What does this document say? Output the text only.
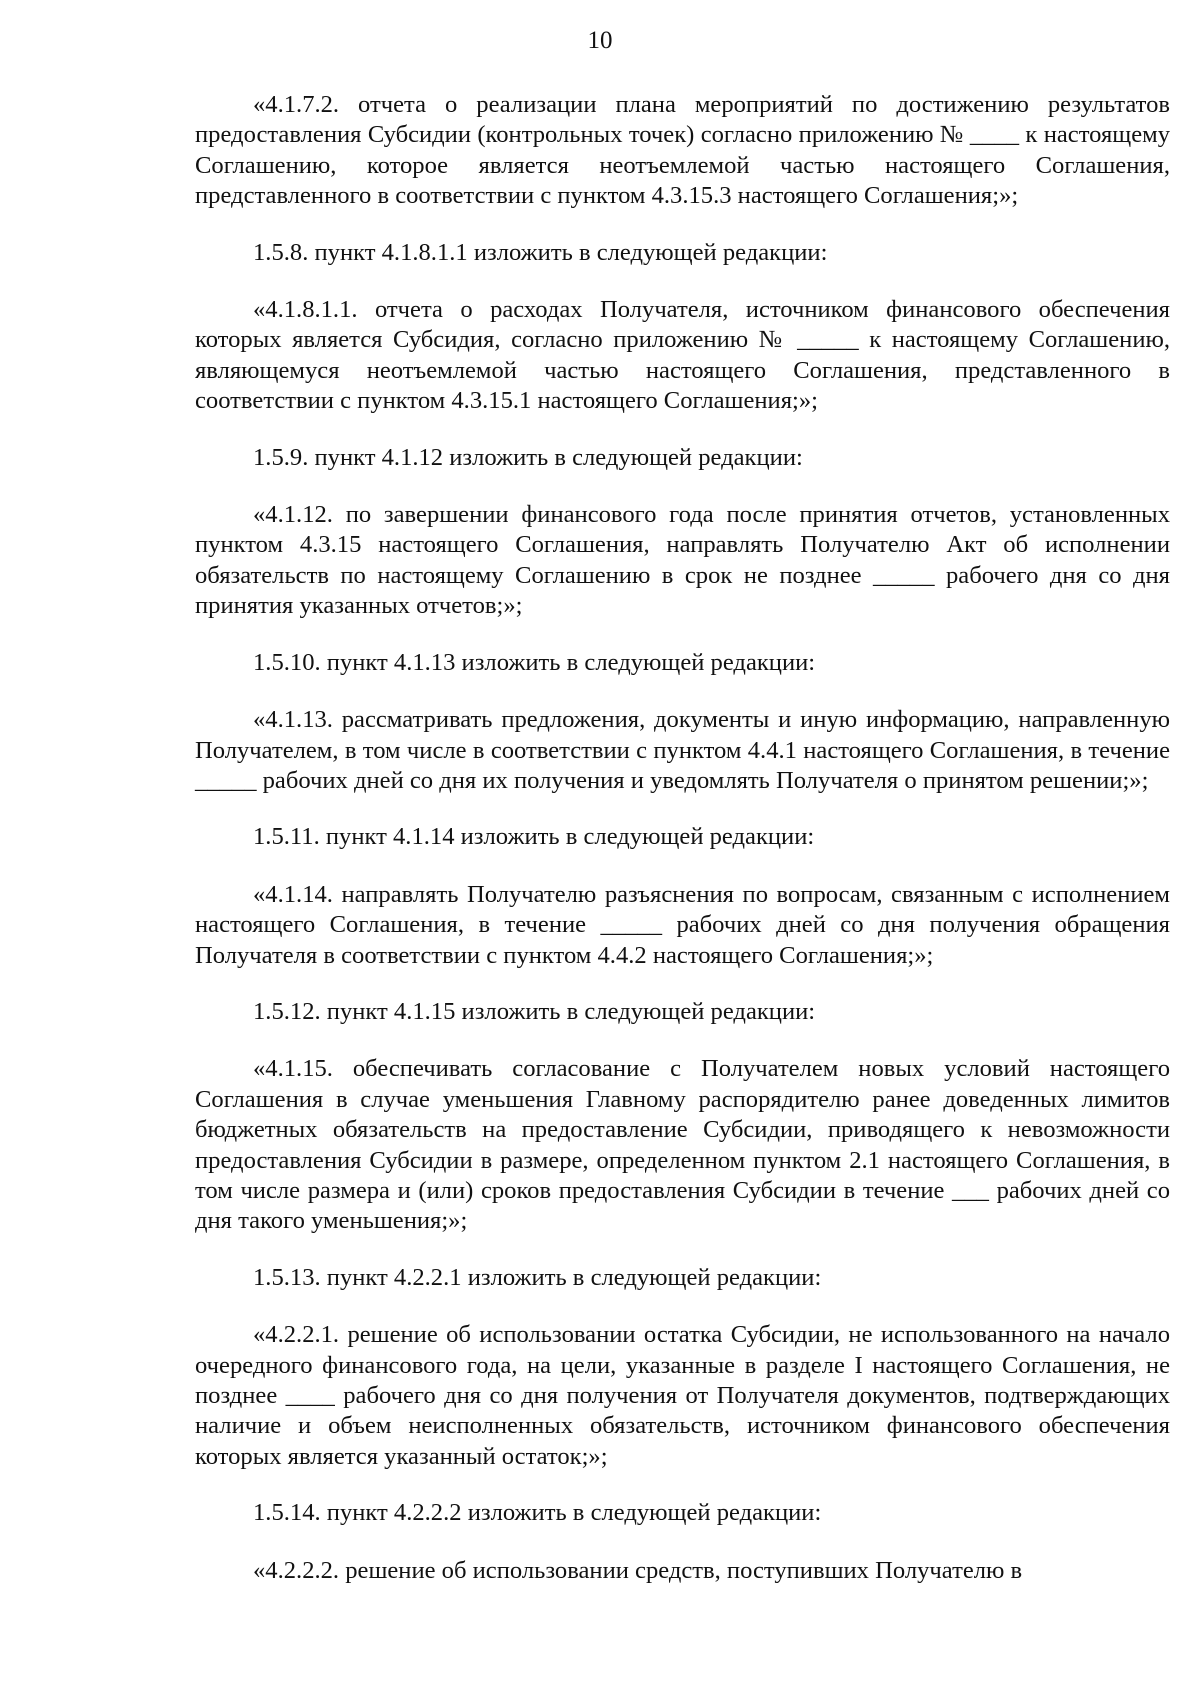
10

«4.1.7.2. отчета о реализации плана мероприятий по достижению результатов предоставления Субсидии (контрольных точек) согласно приложению № ____ к настоящему Соглашению, которое является неотъемлемой частью настоящего Соглашения, представленного в соответствии с пунктом 4.3.15.3 настоящего Соглашения;»;

1.5.8. пункт 4.1.8.1.1 изложить в следующей редакции:

«4.1.8.1.1. отчета о расходах Получателя, источником финансового обеспечения которых является Субсидия, согласно приложению № _____ к настоящему Соглашению, являющемуся неотъемлемой частью настоящего Соглашения, представленного в соответствии с пунктом 4.3.15.1 настоящего Соглашения;»;

1.5.9. пункт 4.1.12 изложить в следующей редакции:

«4.1.12. по завершении финансового года после принятия отчетов, установленных пунктом 4.3.15 настоящего Соглашения, направлять Получателю Акт об исполнении обязательств по настоящему Соглашению в срок не позднее _____ рабочего дня со дня принятия указанных отчетов;»;

1.5.10. пункт 4.1.13 изложить в следующей редакции:

«4.1.13. рассматривать предложения, документы и иную информацию, направленную Получателем, в том числе в соответствии с пунктом 4.4.1 настоящего Соглашения, в течение _____ рабочих дней со дня их получения и уведомлять Получателя о принятом решении;»;

1.5.11. пункт 4.1.14 изложить в следующей редакции:

«4.1.14. направлять Получателю разъяснения по вопросам, связанным с исполнением настоящего Соглашения, в течение _____ рабочих дней со дня получения обращения Получателя в соответствии с пунктом 4.4.2 настоящего Соглашения;»;

1.5.12. пункт 4.1.15 изложить в следующей редакции:

«4.1.15. обеспечивать согласование с Получателем новых условий настоящего Соглашения в случае уменьшения Главному распорядителю ранее доведенных лимитов бюджетных обязательств на предоставление Субсидии, приводящего к невозможности предоставления Субсидии в размере, определенном пунктом 2.1 настоящего Соглашения, в том числе размера и (или) сроков предоставления Субсидии в течение ___ рабочих дней со дня такого уменьшения;»;

1.5.13. пункт 4.2.2.1 изложить в следующей редакции:

«4.2.2.1. решение об использовании остатка Субсидии, не использованного на начало очередного финансового года, на цели, указанные в разделе I настоящего Соглашения, не позднее ____ рабочего дня со дня получения от Получателя документов, подтверждающих наличие и объем неисполненных обязательств, источником финансового обеспечения которых является указанный остаток;»;

1.5.14. пункт 4.2.2.2 изложить в следующей редакции:

«4.2.2.2. решение об использовании средств, поступивших Получателю в
